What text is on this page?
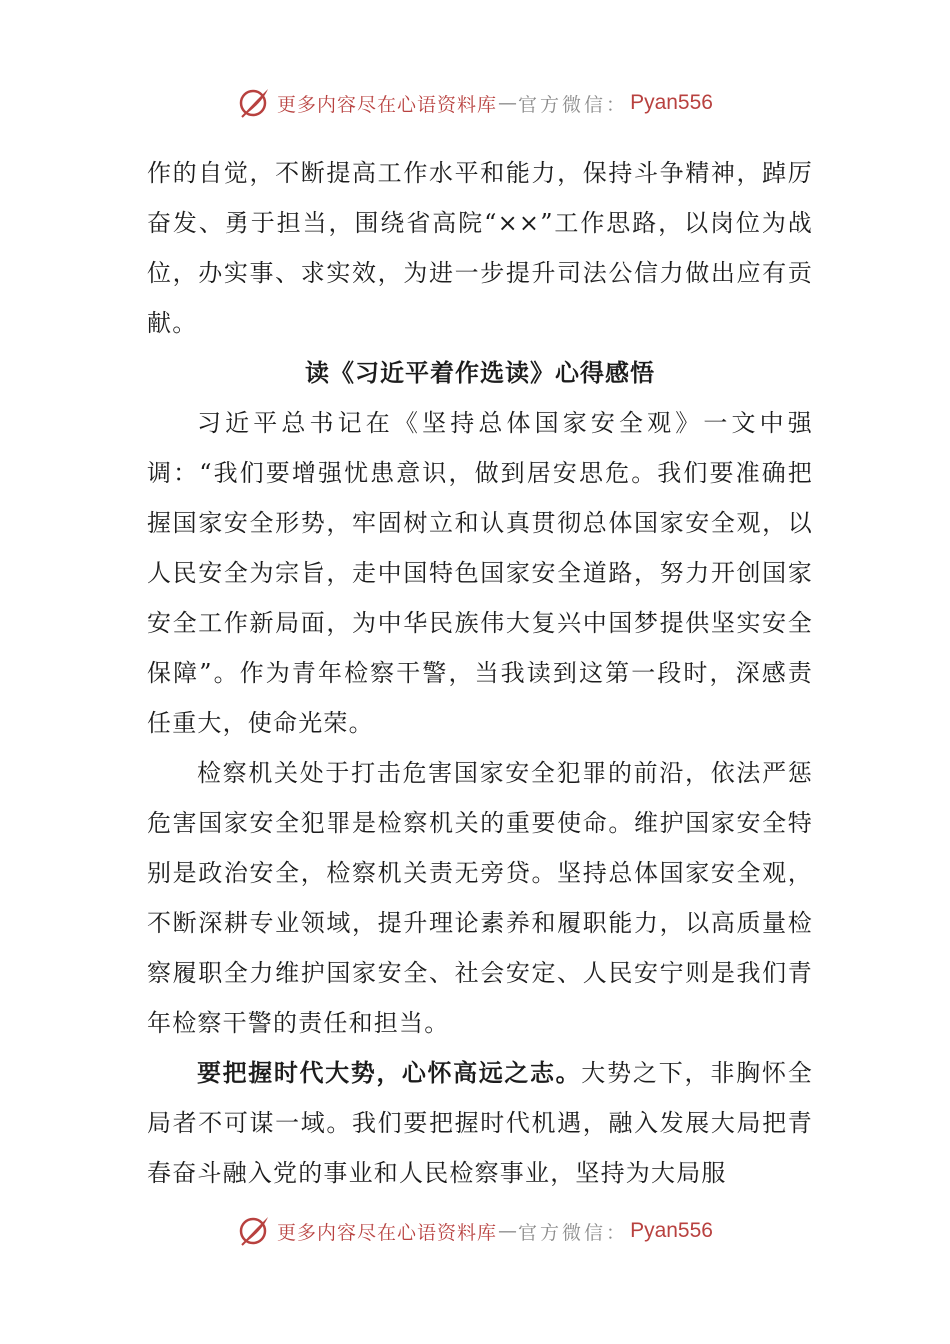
更多内容尽在心语资料库 — 官方微信： Pyan556

作的自觉，不断提高工作水平和能力，保持斗争精神，踔厉奋发、勇于担当，围绕省高院“××”工作思路，以岗位为战位，办实事、求实效，为进一步提升司法公信力做出应有贡献。

读《习近平着作选读》心得感悟

习近平总书记在《坚持总体国家安全观》一文中强调：“我们要增强忧患意识，做到居安思危。我们要准确把握国家安全形势，牢固树立和认真贯彻总体国家安全观，以人民安全为宗旨，走中国特色国家安全道路，努力开创国家安全工作新局面，为中华民族伟大复兴中国梦提供坚实安全保障”。作为青年检察干警，当我读到这第一段时，深感责任重大，使命光荣。

检察机关处于打击危害国家安全犯罪的前沿，依法严惩危害国家安全犯罪是检察机关的重要使命。维护国家安全特别是政治安全，检察机关责无旁贷。坚持总体国家安全观，不断深耕专业领域，提升理论素养和履职能力，以高质量检察履职全力维护国家安全、社会安定、人民安宁则是我们青年检察干警的责任和担当。

要把握时代大势，心怀高远之志。大势之下，非胸怀全局者不可谋一域。我们要把握时代机遇，融入发展大局把青春奋斗融入党的事业和人民检察事业，坚持为大局服

更多内容尽在心语资料库 — 官方微信： Pyan556
